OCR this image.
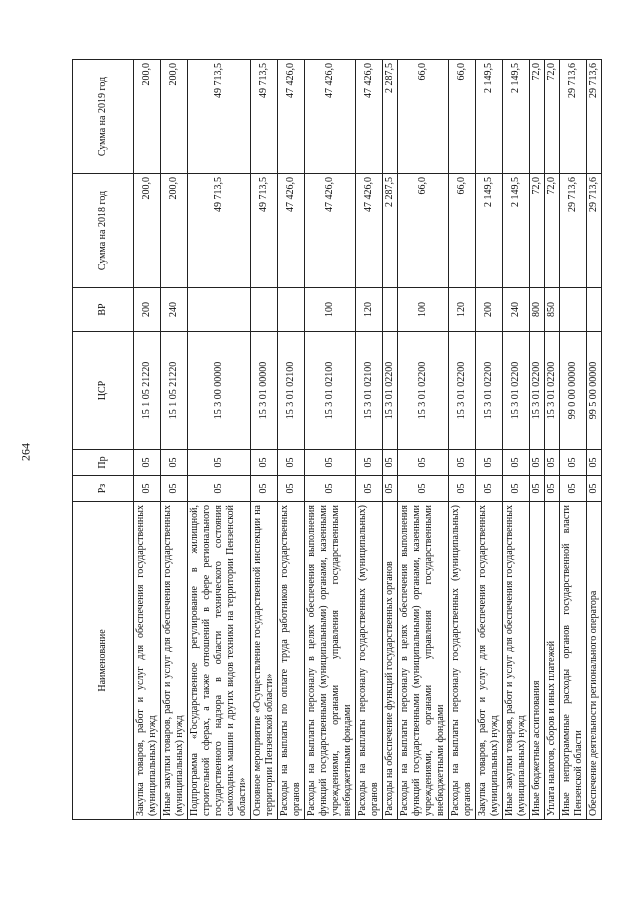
264
Наименование	Рз	Пр	ЦСР	ВР	Сумма на 2018 год	Сумма на 2019 год
Закупка товаров, работ и услуг для обеспечения государственных (муниципальных) нужд	05	05	15 1 05 21220	200	200,0	200,0
Иные закупки товаров, работ и услуг для обеспечения государственных (муниципальных) нужд	05	05	15 1 05 21220	240	200,0	200,0
Подпрограмма «Государственное регулирование в жилищной, строительной сферах, а также отношений в сфере регионального государственного надзора в области технического состояния самоходных машин и других видов техники на территории Пензенской области»	05	05	15 3 00 00000		49 713,5	49 713,5
Основное мероприятие «Осуществление государственной инспекции на территории Пензенской области»	05	05	15 3 01 00000		49 713,5	49 713,5
Расходы на выплаты по оплате труда работников государственных органов	05	05	15 3 01 02100		47 426,0	47 426,0
Расходы на выплаты персоналу в целях обеспечения выполнения функций государственными (муниципальными) органами, казенными учреждениями, органами управления государственными внебюджетными фондами	05	05	15 3 01 02100	100	47 426,0	47 426,0
Расходы на выплаты персоналу государственных (муниципальных) органов	05	05	15 3 01 02100	120	47 426,0	47 426,0
Расходы на обеспечение функций государственных органов	05	05	15 3 01 02200		2 287,5	2 287,5
Расходы на выплаты персоналу в целях обеспечения выполнения функций государственными (муниципальными) органами, казенными учреждениями, органами управления государственными внебюджетными фондами	05	05	15 3 01 02200	100	66,0	66,0
Расходы на выплаты персоналу государственных (муниципальных) органов	05	05	15 3 01 02200	120	66,0	66,0
Закупка товаров, работ и услуг для обеспечения государственных (муниципальных) нужд	05	05	15 3 01 02200	200	2 149,5	2 149,5
Иные закупки товаров, работ и услуг для обеспечения государственных (муниципальных) нужд	05	05	15 3 01 02200	240	2 149,5	2 149,5
Иные бюджетные ассигнования	05	05	15 3 01 02200	800	72,0	72,0
Уплата налогов, сборов и иных платежей	05	05	15 3 01 02200	850	72,0	72,0
Иные непрограммные расходы органов государственной власти Пензенской области	05	05	99 0 00 00000		29 713,6	29 713,6
Обеспечение деятельности регионального оператора	05	05	99 5 00 00000		29 713,6	29 713,6
